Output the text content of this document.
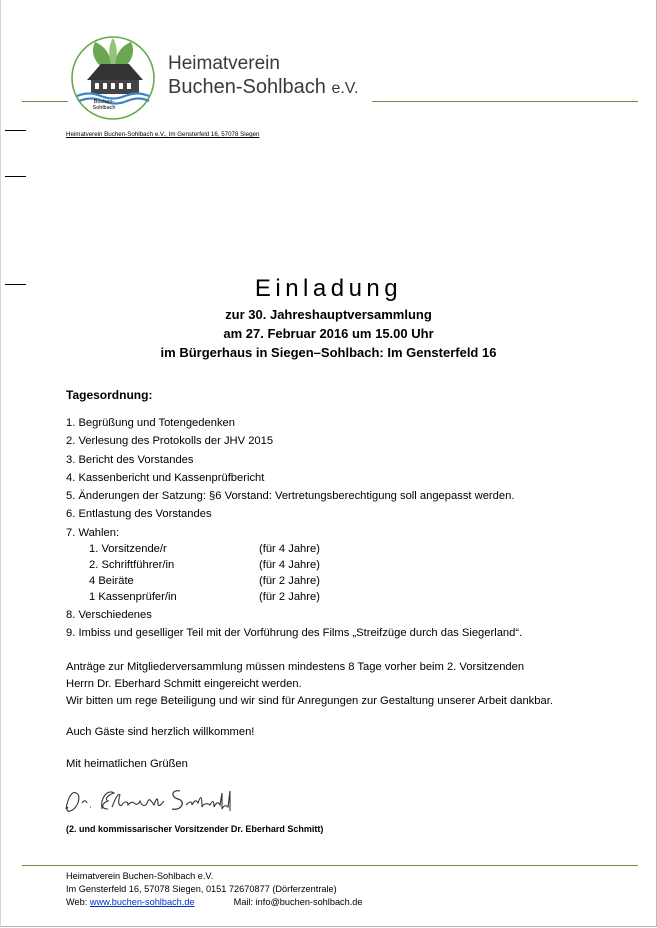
Buchen-Sohlbach
Heimatverein
Buchen-Sohlbach e.V.
Heimatverein Buchen-Sohlbach e.V., Im Gensterfeld 16, 57078 Siegen
Einladung
zur 30. Jahreshauptversammlung
am 27. Februar 2016 um 15.00 Uhr
im Bürgerhaus in Siegen–Sohlbach: Im Gensterfeld 16
Tagesordnung:
1. Begrüßung und Totengedenken
2. Verlesung des Protokolls der JHV 2015
3. Bericht des Vorstandes
4. Kassenbericht und Kassenprüfbericht
5. Änderungen der Satzung: §6 Vorstand: Vertretungsberechtigung soll angepasst werden.
6. Entlastung des Vorstandes
7. Wahlen:
1. Vorsitzende/r	(für 4 Jahre)
2. Schriftführer/in	(für 4 Jahre)
4 Beiräte	(für 2 Jahre)
1 Kassenprüfer/in	(für 2 Jahre)
8. Verschiedenes
9. Imbiss und geselliger Teil mit der Vorführung des Films „Streifzüge durch das Siegerland“.
Anträge zur Mitgliederversammlung müssen mindestens 8 Tage vorher beim 2. Vorsitzenden
Herrn Dr. Eberhard Schmitt eingereicht werden.
Wir bitten um rege Beteiligung und wir sind für Anregungen zur Gestaltung unserer Arbeit dankbar.
Auch Gäste sind herzlich willkommen!
Mit heimatlichen Grüßen
(2. und kommissarischer Vorsitzender Dr. Eberhard Schmitt)
Heimatverein Buchen-Sohlbach e.V.
Im Gensterfeld 16, 57078 Siegen, 0151 72670877 (Dörferzentrale)
Web: www.buchen-sohlbach.de	Mail: info@buchen-sohlbach.de
